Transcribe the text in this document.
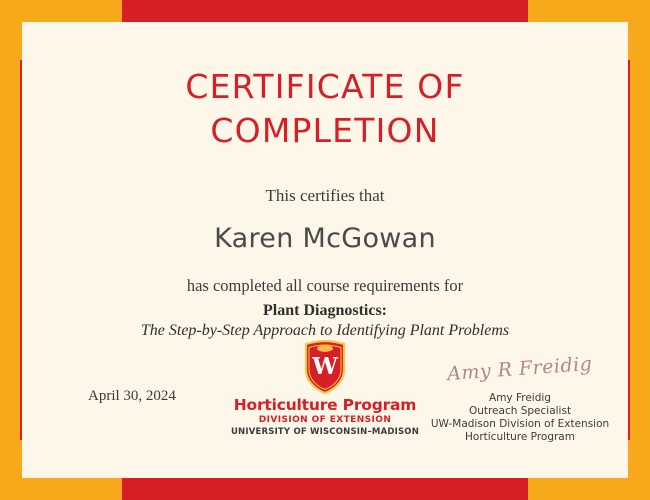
CERTIFICATE OF
COMPLETION
This certifies that
Karen McGowan
has completed all course requirements for
Plant Diagnostics:
The Step-by-Step Approach to Identifying Plant Problems
April 30, 2024
W
Horticulture Program
DIVISION OF EXTENSION
UNIVERSITY OF WISCONSIN–MADISON
Amy R Freidig
Amy Freidig
Outreach Specialist
UW-Madison Division of Extension
Horticulture Program
